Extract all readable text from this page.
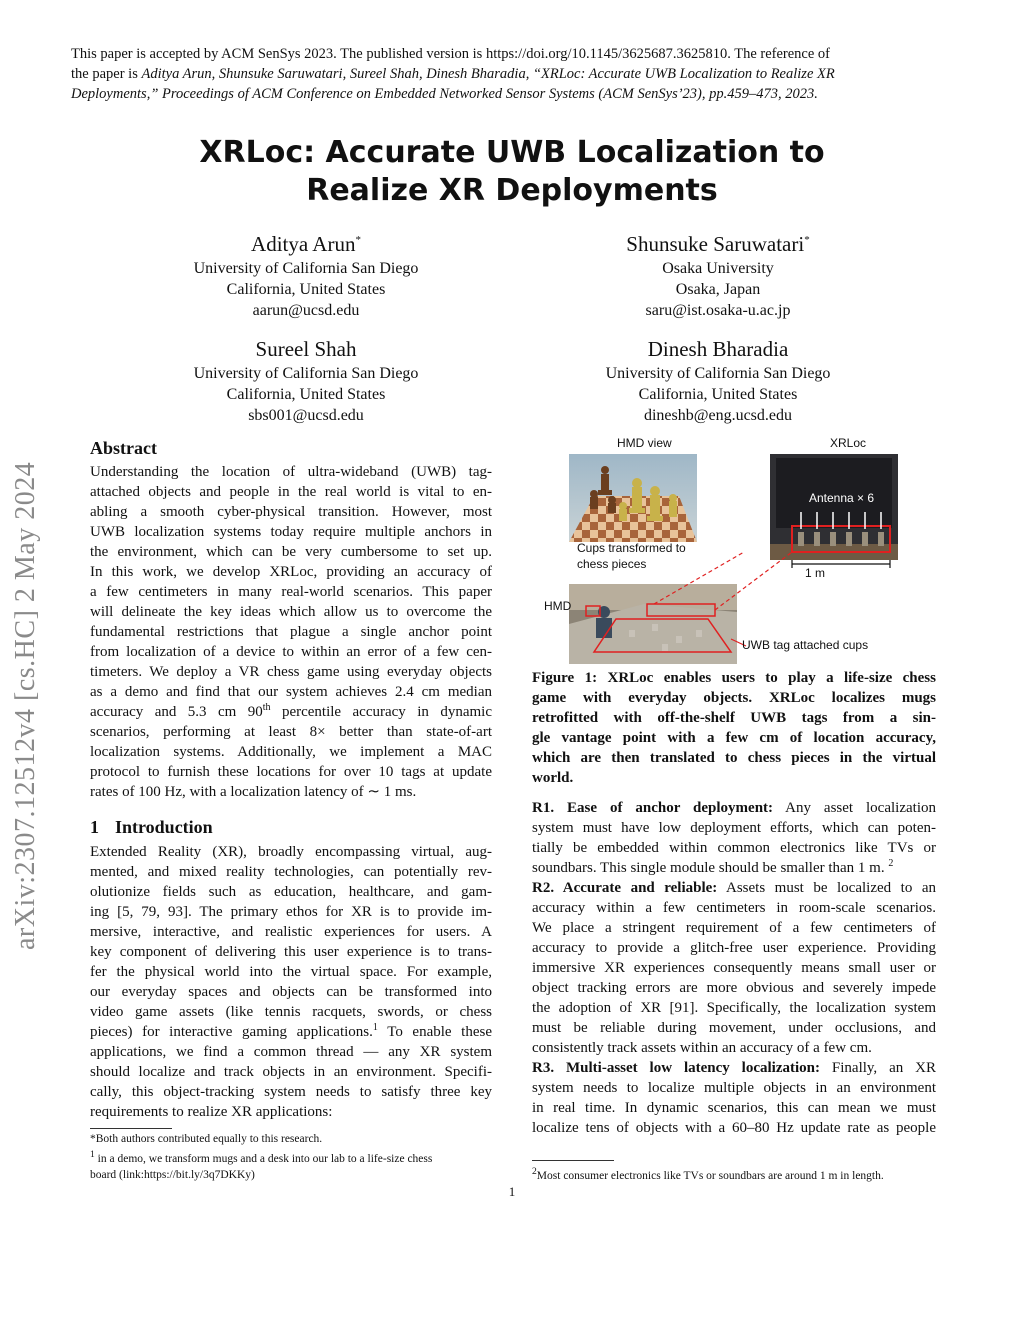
This paper is accepted by ACM SenSys 2023. The published version is https://doi.org/10.1145/3625687.3625810. The reference of
the paper is Aditya Arun, Shunsuke Saruwatari, Sureel Shah, Dinesh Bharadia, “XRLoc: Accurate UWB Localization to Realize XR
Deployments,” Proceedings of ACM Conference on Embedded Networked Sensor Systems (ACM SenSys’23), pp.459–473, 2023.
XRLoc: Accurate UWB Localization to
Realize XR Deployments
Aditya Arun*
University of California San Diego
California, United States
aarun@ucsd.edu
Shunsuke Saruwatari*
Osaka University
Osaka, Japan
saru@ist.osaka-u.ac.jp
Sureel Shah
University of California San Diego
California, United States
sbs001@ucsd.edu
Dinesh Bharadia
University of California San Diego
California, United States
dineshb@eng.ucsd.edu
arXiv:2307.12512v4 [cs.HC] 2 May 2024
Abstract
Understanding the location of ultra-wideband (UWB) tag-
attached objects and people in the real world is vital to en-
abling a smooth cyber-physical transition. However, most
UWB localization systems today require multiple anchors in
the environment, which can be very cumbersome to set up.
In this work, we develop XRLoc, providing an accuracy of
a few centimeters in many real-world scenarios. This paper
will delineate the key ideas which allow us to overcome the
fundamental restrictions that plague a single anchor point
from localization of a device to within an error of a few cen-
timeters. We deploy a VR chess game using everyday objects
as a demo and find that our system achieves 2.4 cm median
accuracy and 5.3 cm 90th percentile accuracy in dynamic
scenarios, performing at least 8× better than state-of-art
localization systems. Additionally, we implement a MAC
protocol to furnish these locations for over 10 tags at update
rates of 100 Hz, with a localization latency of ∼ 1 ms.
1 Introduction
Extended Reality (XR), broadly encompassing virtual, aug-
mented, and mixed reality technologies, can potentially rev-
olutionize fields such as education, healthcare, and gam-
ing [5, 79, 93]. The primary ethos for XR is to provide im-
mersive, interactive, and realistic experiences for users. A
key component of delivering this user experience is to trans-
fer the physical world into the virtual space. For example,
our everyday spaces and objects can be transformed into
video game assets (like tennis racquets, swords, or chess
pieces) for interactive gaming applications.$^1$ To enable these
applications, we find a common thread — any XR system
should localize and track objects in an environment. Specifi-
cally, this object-tracking system needs to satisfy three key
requirements to realize XR applications:
*Both authors contributed equally to this research.
$^1$ in a demo, we transform mugs and a desk into our lab to a life-size chess
board (link:https://bit.ly/3q7DKKy)
HMD view	XRLoc
Antenna × 6
1 m
Cups transformed to
chess pieces
HMD
UWB tag attached cups
Figure 1: XRLoc enables users to play a life-size chess
game with everyday objects. XRLoc localizes mugs
retrofitted with off-the-shelf UWB tags from a sin-
gle vantage point with a few cm of location accuracy,
which are then translated to chess pieces in the virtual
world.
R1. Ease of anchor deployment: Any asset localization
system must have low deployment efforts, which can poten-
tially be embedded within common electronics like TVs or
soundbars. This single module should be smaller than 1 m. $^2$
R2. Accurate and reliable: Assets must be localized to an
accuracy within a few centimeters in room-scale scenarios.
We place a stringent requirement of a few centimeters of
accuracy to provide a glitch-free user experience. Providing
immersive XR experiences consequently means small user or
object tracking errors are more obvious and severely impede
the adoption of XR [91]. Specifically, the localization system
must be reliable during movement, under occlusions, and
consistently track assets within an accuracy of a few cm.
R3. Multi-asset low latency localization: Finally, an XR
system needs to localize multiple objects in an environment
in real time. In dynamic scenarios, this can mean we must
localize tens of objects with a 60–80 Hz update rate as people
$^2$Most consumer electronics like TVs or soundbars are around 1 m in length.
1
